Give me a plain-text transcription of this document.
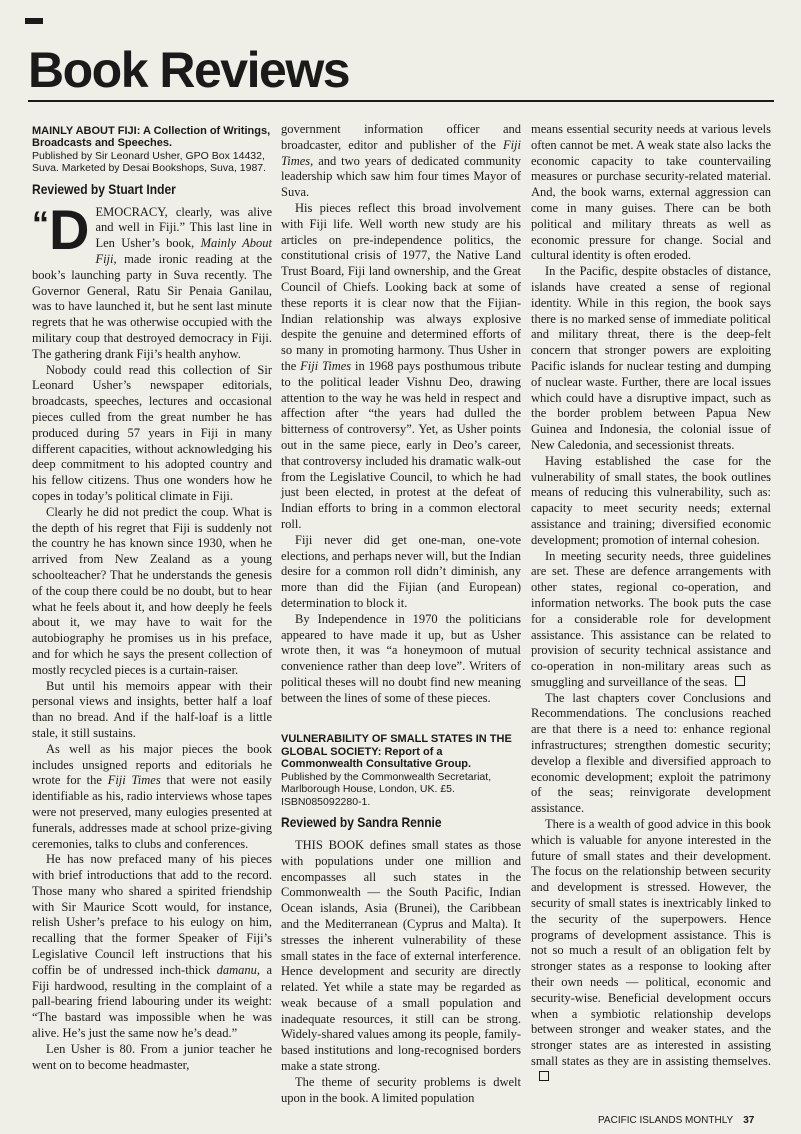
Book Reviews
MAINLY ABOUT FIJI: A Collection of Writings, Broadcasts and Speeches.
Published by Sir Leonard Usher, GPO Box 14432, Suva. Marketed by Desai Bookshops, Suva, 1987.
Reviewed by Stuart Inder

“D EMOCRACY, clearly, was alive and well in Fiji.” This last line in Len Usher’s book, Mainly About Fiji, made ironic reading at the book’s launching party in Suva recently. The Governor General, Ratu Sir Penaia Ganilau, was to have launched it, but he sent last minute regrets that he was otherwise occupied with the military coup that destroyed democracy in Fiji. The gathering drank Fiji’s health anyhow.

Nobody could read this collection of Sir Leonard Usher’s newspaper editorials, broadcasts, speeches, lectures and occasional pieces culled from the great number he has produced during 57 years in Fiji in many different capacities, without acknowledging his deep commitment to his adopted country and his fellow citizens. Thus one wonders how he copes in today’s political climate in Fiji.

Clearly he did not predict the coup. What is the depth of his regret that Fiji is suddenly not the country he has known since 1930, when he arrived from New Zealand as a young schoolteacher? That he understands the genesis of the coup there could be no doubt, but to hear what he feels about it, and how deeply he feels about it, we may have to wait for the autobiography he promises us in his preface, and for which he says the present collection of mostly recycled pieces is a curtain-raiser.

But until his memoirs appear with their personal views and insights, better half a loaf than no bread. And if the half-loaf is a little stale, it still sustains.

As well as his major pieces the book includes unsigned reports and editorials he wrote for the Fiji Times that were not easily identifiable as his, radio interviews whose tapes were not preserved, many eulogies presented at funerals, addresses made at school prize-giving ceremonies, talks to clubs and conferences.

He has now prefaced many of his pieces with brief introductions that add to the record. Those many who shared a spirited friendship with Sir Maurice Scott would, for instance, relish Usher’s preface to his eulogy on him, recalling that the former Speaker of Fiji’s Legislative Council left instructions that his coffin be of undressed inch-thick damanu, a Fiji hardwood, resulting in the complaint of a pall-bearing friend labouring under its weight: “The bastard was impossible when he was alive. He’s just the same now he’s dead.”

Len Usher is 80. From a junior teacher he went on to become headmaster,

government information officer and broadcaster, editor and publisher of the Fiji Times, and two years of dedicated community leadership which saw him four times Mayor of Suva.

His pieces reflect this broad involvement with Fiji life. Well worth new study are his articles on pre-independence politics, the constitutional crisis of 1977, the Native Land Trust Board, Fiji land ownership, and the Great Council of Chiefs. Looking back at some of these reports it is clear now that the Fijian-Indian relationship was always explosive despite the genuine and determined efforts of so many in promoting harmony. Thus Usher in the Fiji Times in 1968 pays posthumous tribute to the political leader Vishnu Deo, drawing attention to the way he was held in respect and affection after “the years had dulled the bitterness of controversy”. Yet, as Usher points out in the same piece, early in Deo’s career, that controversy included his dramatic walk-out from the Legislative Council, to which he had just been elected, in protest at the defeat of Indian efforts to bring in a common electoral roll.

Fiji never did get one-man, one-vote elections, and perhaps never will, but the Indian desire for a common roll didn’t diminish, any more than did the Fijian (and European) determination to block it.

By Independence in 1970 the politicians appeared to have made it up, but as Usher wrote then, it was “a honeymoon of mutual convenience rather than deep love”. Writers of political theses will no doubt find new meaning between the lines of some of these pieces.

VULNERABILITY OF SMALL STATES IN THE GLOBAL SOCIETY: Report of a Commonwealth Consultative Group.
Published by the Commonwealth Secretariat, Marlborough House, London, UK. £5. ISBN085092280-1.
Reviewed by Sandra Rennie

THIS BOOK defines small states as those with populations under one million and encompasses all such states in the Commonwealth — the South Pacific, Indian Ocean islands, Asia (Brunei), the Caribbean and the Mediterranean (Cyprus and Malta). It stresses the inherent vulnerability of these small states in the face of external interference. Hence development and security are directly related. Yet while a state may be regarded as weak because of a small population and inadequate resources, it still can be strong. Widely-shared values among its people, family-based institutions and long-recognised borders make a state strong.

The theme of security problems is dwelt upon in the book. A limited population

means essential security needs at various levels often cannot be met. A weak state also lacks the economic capacity to take countervailing measures or purchase security-related material. And, the book warns, external aggression can come in many guises. There can be both political and military threats as well as economic pressure for change. Social and cultural identity is often eroded.

In the Pacific, despite obstacles of distance, islands have created a sense of regional identity. While in this region, the book says there is no marked sense of immediate political and military threat, there is the deep-felt concern that stronger powers are exploiting Pacific islands for nuclear testing and dumping of nuclear waste. Further, there are local issues which could have a disruptive impact, such as the border problem between Papua New Guinea and Indonesia, the colonial issue of New Caledonia, and secessionist threats.

Having established the case for the vulnerability of small states, the book outlines means of reducing this vulnerability, such as: capacity to meet security needs; external assistance and training; diversified economic development; promotion of internal cohesion.

In meeting security needs, three guidelines are set. These are defence arrangements with other states, regional co-operation, and information networks. The book puts the case for a considerable role for development assistance. This assistance can be related to provision of security technical assistance and co-operation in non-military areas such as smuggling and surveillance of the seas.

The last chapters cover Conclusions and Recommendations. The conclusions reached are that there is a need to: enhance regional infrastructures; strengthen domestic security; develop a flexible and diversified approach to economic development; exploit the patrimony of the seas; reinvigorate development assistance.

There is a wealth of good advice in this book which is valuable for anyone interested in the future of small states and their development. The focus on the relationship between security and development is stressed. However, the security of small states is inextricably linked to the security of the superpowers. Hence programs of development assistance. This is not so much a result of an obligation felt by stronger states as a response to looking after their own needs — political, economic and security-wise. Beneficial development occurs when a symbiotic relationship develops between stronger and weaker states, and the stronger states are as interested in assisting small states as they are in assisting themselves.

PACIFIC ISLANDS MONTHLY 37
